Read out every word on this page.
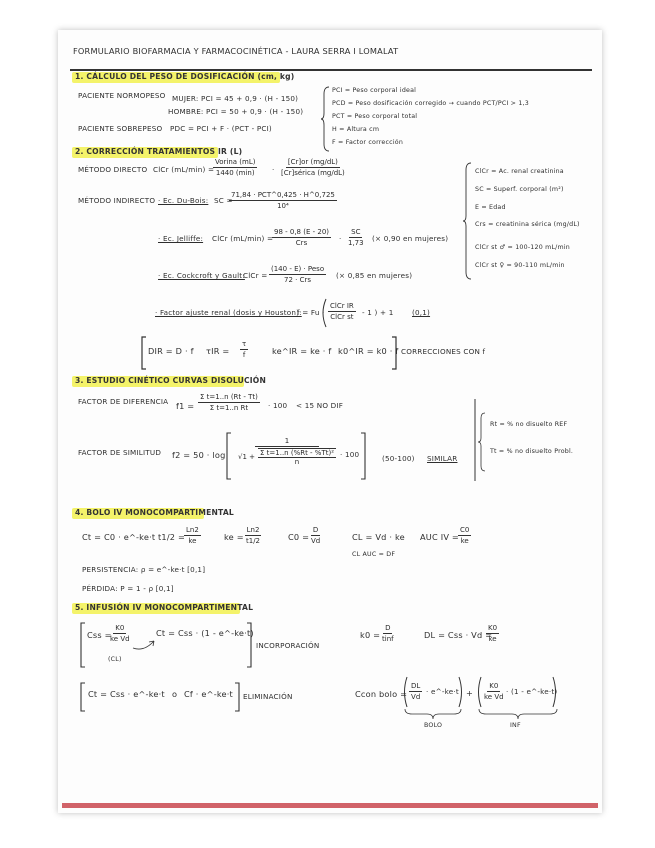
FORMULARIO BIOFARMACIA Y FARMACOCINÉTICA - LAURA SERRA I LOMALAT
1. CÁLCULO DEL PESO DE DOSIFICACIÓN (cm, kg)
PACIENTE NORMOPESO MUJER: PCI = 45 + 0,9 · (H - 150)
HOMBRE: PCI = 50 + 0,9 · (H - 150)
PACIENTE SOBREPESO PDC = PCI + F · (PCT - PCI)
PCI = Peso corporal ideal
PCD = Peso dosificación corregido → cuando PCT/PCI > 1,3
PCT = Peso corporal total
H = Altura cm
F = Factor corrección
2. CORRECCIÓN TRATAMIENTOS IR (L)
MÉTODO DIRECTO ClCr (mL/min) =
Vorina (mL)
1440 (min) ·
[Cr]or (mg/dL)
[Cr]sérica (mg/dL)
MÉTODO INDIRECTO · Ec. Du-Bois: SC =
71,84 · PCT^0,425 · H^0,725
10⁴
· Ec. Jelliffe: ClCr (mL/min) =
98 - 0,8 (E - 20)
Crs
· $\frac{SC}{1,73}$ (× 0,90 en mujeres)
· Ec. Cockcroft y Gault:
ClCr =
(140 - E) · Peso
72 · Crs
(× 0,85 en mujeres)
· Factor ajuste renal (dosis y Houston):
f = Fu ·
ClCr IR
ClCr st
- 1 ) + 1	(0,1)
DIR = D · f $\tau IR = \frac{\tau}{f}$	ke^IR = ke · f k0^IR = k0 · f CORRECCIONES CON f
ClCr = Ac. renal creatinina
SC = Superf. corporal (m²)
E = Edad
Crs = creatinina sérica (mg/dL)
ClCr st ♂ = 100-120 mL/min
ClCr st ♀ = 90-110 mL/min
3. ESTUDIO CINÉTICO CURVAS DISOLUCIÓN
FACTOR DE DIFERENCIA $f1 = \frac{\text{Σ t=1..n (Rt - Tt)}}{\text{Σ t=1..n Rt}} \cdot 100 < 15$ NO DIF
FACTOR DE SIMILITUD $f2 = 50 \cdot \log \frac{1}{√1 + \frac{\text{Σ t=1..n (\%Rt - \%Tt)²}}{n}} \cdot 100$	(50-100) SIMILAR
Rt = % no disuelto REF
Tt = % no disuelto Probl.
4. BOLO IV MONOCOMPARTIMENTAL
Ct = C0 · e^-ke·t t1/2 =
$\frac{Ln2}{ke}$	ke = $\frac{Ln2}{t1/2}$	$C0 = \frac{D}{Vd}$	CL = Vd · ke
CL AUC = DF
AUC IV = $\frac{C0}{ke}$
PERSISTENCIA: ρ = e^-ke·t [0,1]
PÉRDIDA: P = 1 - ρ [0,1]
5. INFUSIÓN IV MONOCOMPARTIMENTAL
Css =
$\frac{K0}{\text{ke Vd}}$
(CL)
Ct = Css · (1 - e^-ke·t)
INCORPORACIÓN
k0 =
D
tinf	DL = Css · Vd =
$\frac{K0}{ke}$
Ct = Css · e^-ke·t o Cf · e^-ke·t ELIMINACIÓN	Ccon bolo = $\frac{DL}{Vd}$ · e^-ke·t + $\frac{K0}{\text{ke Vd}} \cdot (1$ - e^-ke·t)
BOLO	INF
